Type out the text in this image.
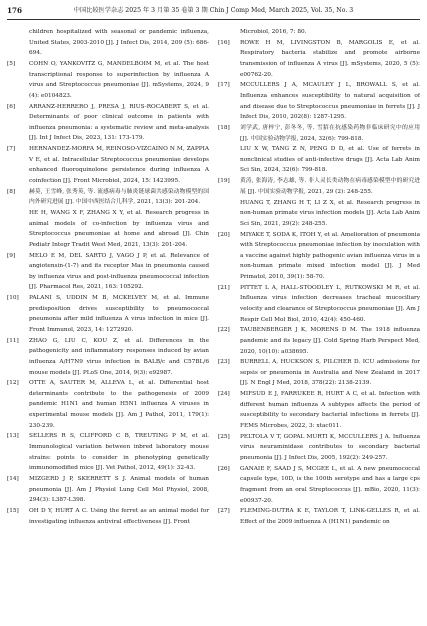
176	中国比较医学杂志 2025 年 3 月第 35 卷第 3 期 Chin J Comp Med, March 2025, Vol. 35, No. 3
children hospitalized with seasonal or pandemic influenza, United States, 2003-2010 [J]. J Infect Dis, 2014, 209 (5): 686-694.
[5]	COHN O, YANKOVITZ G, MANDELBOIM M, et al. The host transcriptional response to superinfection by influenza A virus and Streptococcus pneumoniae [J]. mSystems, 2024, 9 (4): e0104823.
[6]	ARRANZ-HERRERO J, PRESA J, RIUS-ROCABERT S, et al. Determinants of poor clinical outcome in patients with influenza pneumonia: a systematic review and meta-analysis [J]. Int J Infect Dis, 2023, 131: 173-179.
[7]	HERNANDEZ-MORFA M, REINOSO-VIZCAINO N M, ZAPPIA V E, et al. Intracellular Streptococcus pneumoniae develops enhanced fluoroquinolone persistence during influenza A coinfection [J]. Front Microbiol, 2024, 15: 1423995.
[8]	赫莫, 王雪峰, 张秀英, 等. 流感病毒与肺炎链球菌共感染动物模型的国内外研究进展 [J]. 中国中西医结合儿科学, 2021, 13(3): 201-204.
HE H, WANG X F, ZHANG X Y, et al. Research progress in animal models of co-infection by influenza virus and Streptococcus pneumoniae at home and abroad [J]. Chin Pediatr Integr Tradit West Med, 2021, 13(3): 201-204.
[9]	MELO E M, DEL SARTO J, VAGO J P, et al. Relevance of angiotensin-(1-7) and its receptor Mas in pneumonia caused by influenza virus and post-influenza pneumococcal infection [J]. Pharmacol Res, 2021, 163: 105292.
[10]	PALANI S, UDDIN M B, MCKELVEY M, et al. Immune predisposition drives susceptibility to pneumococcal pneumonia after mild influenza A virus infection in mice [J]. Front Immunol, 2023, 14: 1272920.
[11]	ZHAO G, LIU C, KOU Z, et al. Differences in the pathogenicity and inflammatory responses induced by avian influenza A/H7N9 virus infection in BALB/c and C57BL/6 mouse models [J]. PLoS One, 2014, 9(3): e92987.
[12]	OTTE A, SAUTER M, ALLEVA L, et al. Differential host determinants contribute to the pathogenesis of 2009 pandemic H1N1 and human H5N1 influenza A viruses in experimental mouse models [J]. Am J Pathol, 2011, 179(1): 230-239.
[13]	SELLERS R S, CLIFFORD C B, TREUTING P M, et al. Immunological variation between inbred laboratory mouse strains: points to consider in phenotyping genetically immunomodified mice [J]. Vet Pathol, 2012, 49(1): 32-43.
[14]	MIZGERD J P, SKERRETT S J. Animal models of human pneumonia [J]. Am J Physiol Lung Cell Mol Physiol, 2008, 294(3): L387-L398.
[15]	OH D Y, HURT A C. Using the ferret as an animal model for investigating influenza antiviral effectiveness [J]. Front
Microbiol, 2016, 7: 80.
[16]	ROWE H M, LIVINGSTON B, MARGOLIS E, et al. Respiratory bacteria stabilize and promote airborne transmission of influenza A virus [J]. mSystems, 2020, 5 (5): e00762-20.
[17]	MCCULLERS J A, MCAULEY J L, BROWALL S, et al. Influenza enhances susceptibility to natural acquisition of and disease due to Streptococcus pneumoniae in ferrets [J]. J Infect Dis, 2010, 202(8): 1287-1295.
[18]	刘学武, 唐梓宁, 彭冬冬, 等. 雪貂在抗感染药物非临床研究中的应用 [J]. 中国实验动物学报, 2024, 32(6): 799-818.
LIU X W, TANG Z N, PENG D D, et al. Use of ferrets in nonclinical studies of anti-infective drugs [J]. Acta Lab Anim Sci Sin, 2024, 32(6): 799-818.
[19]	黄涛, 张海涛, 李志雄, 等. 非人灵长类动物在病毒感染模型中的研究进展 [J]. 中国实验动物学报, 2021, 29 (2): 248-255.
HUANG T, ZHANG H T, LI Z X, et al. Research progress in non-human primate virus infection models [J]. Acta Lab Anim Sci Sin, 2021, 29(2): 248-255.
[20]	MIYAKE T, SODA K, ITOH Y, et al. Amelioration of pneumonia with Streptococcus pneumoniae infection by inoculation with a vaccine against highly pathogenic avian influenza virus in a non-human primate mixed infection model [J]. J Med Primatol, 2010, 39(1): 58-70.
[21]	PITTET L A, HALL-STOODLEY L, RUTKOWSKI M R, et al. Influenza virus infection decreases tracheal mucociliary velocity and clearance of Streptococcus pneumoniae [J]. Am J Respir Cell Mol Biol, 2010, 42(4): 450-460.
[22]	TAUBENBERGER J K, MORENS D M. The 1918 influenza pandemic and its legacy [J]. Cold Spring Harb Perspect Med, 2020, 10(10): a038695.
[23]	BURRELL A, HUCKSON S, PILCHER D. ICU admissions for sepsis or pneumonia in Australia and New Zealand in 2017 [J]. N Engl J Med, 2018, 378(22): 2138-2139.
[24]	MIFSUD E J, FARRUKEE R, HURT A C, et al. Infection with different human influenza A subtypes affects the period of susceptibility to secondary bacterial infections in ferrets [J]. FEMS Microbes, 2022, 3: xtac011.
[25]	PELTOLA V T, GOPAL MURTI K, MCCULLERS J A. Influenza virus neuraminidase contributes to secondary bacterial pneumonia [J]. J Infect Dis, 2005, 192(2): 249-257.
[26]	GANAIE F, SAAD J S, MCGEE L, et al. A new pneumococcal capsule type, 10D, is the 100th serotype and has a large cps fragment from an oral Streptococcus [J]. mBio, 2020, 11(3): e00937-20.
[27]	FLEMING-DUTRA K E, TAYLOR T, LINK-GELLES R, et al. Effect of the 2009 influenza A (H1N1) pandemic on
